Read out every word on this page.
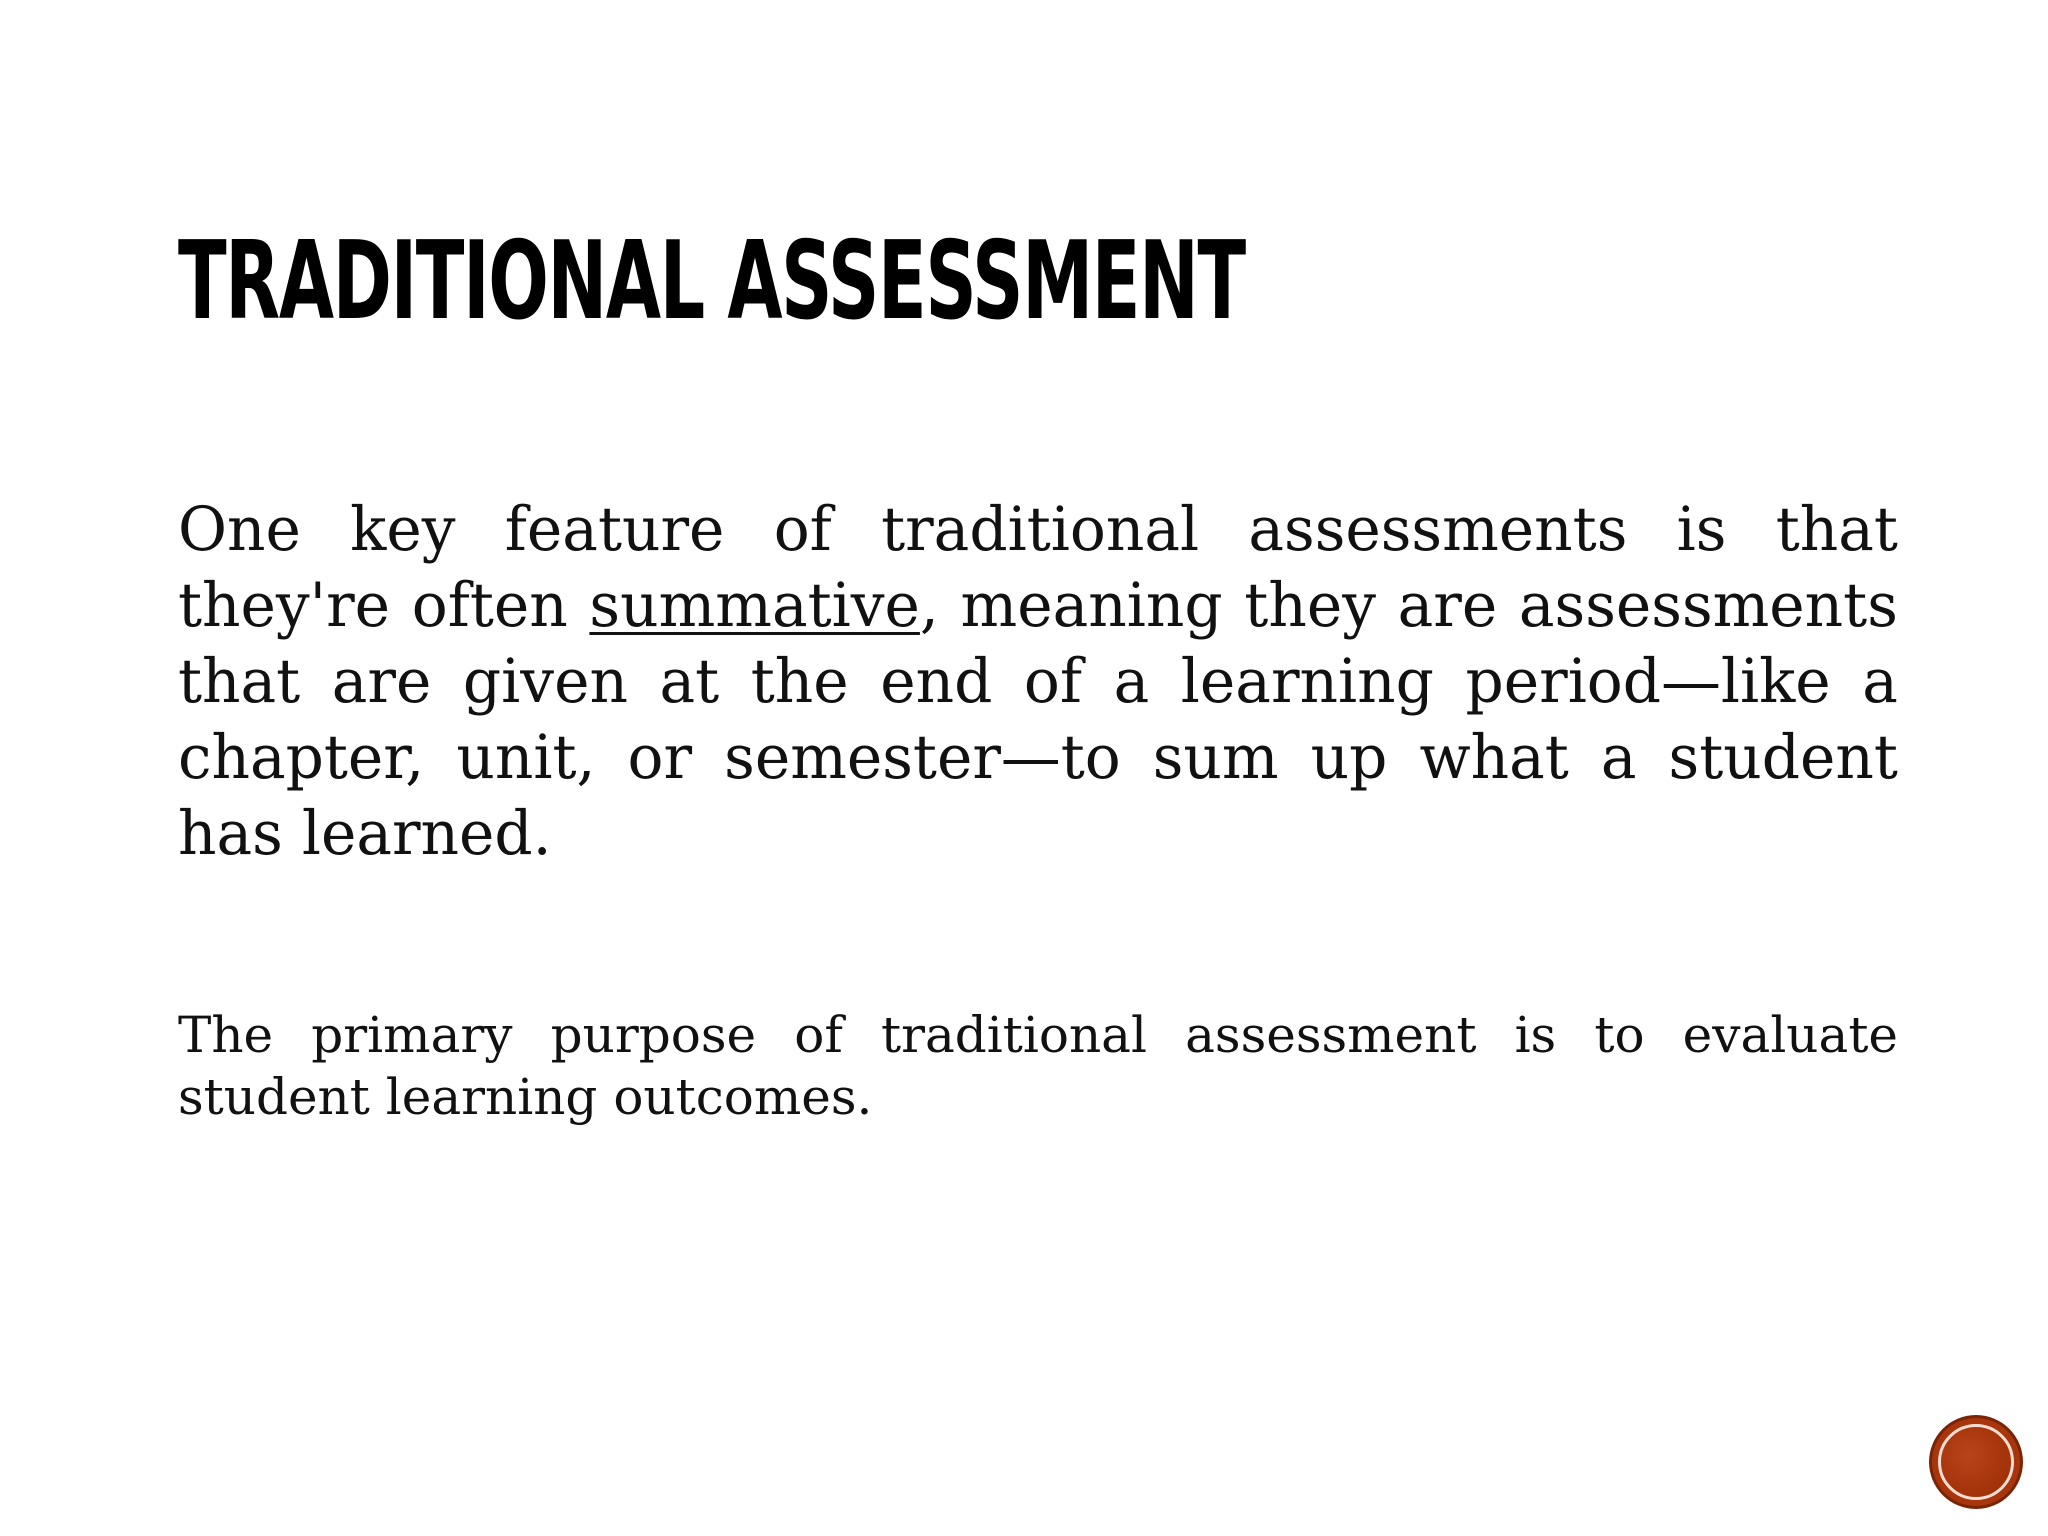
TRADITIONAL ASSESSMENT

One key feature of traditional assessments is that they're often summative, meaning they are assessments that are given at the end of a learning period—like a chapter, unit, or semester—to sum up what a student has learned.

The primary purpose of traditional assessment is to evaluate student learning outcomes.
